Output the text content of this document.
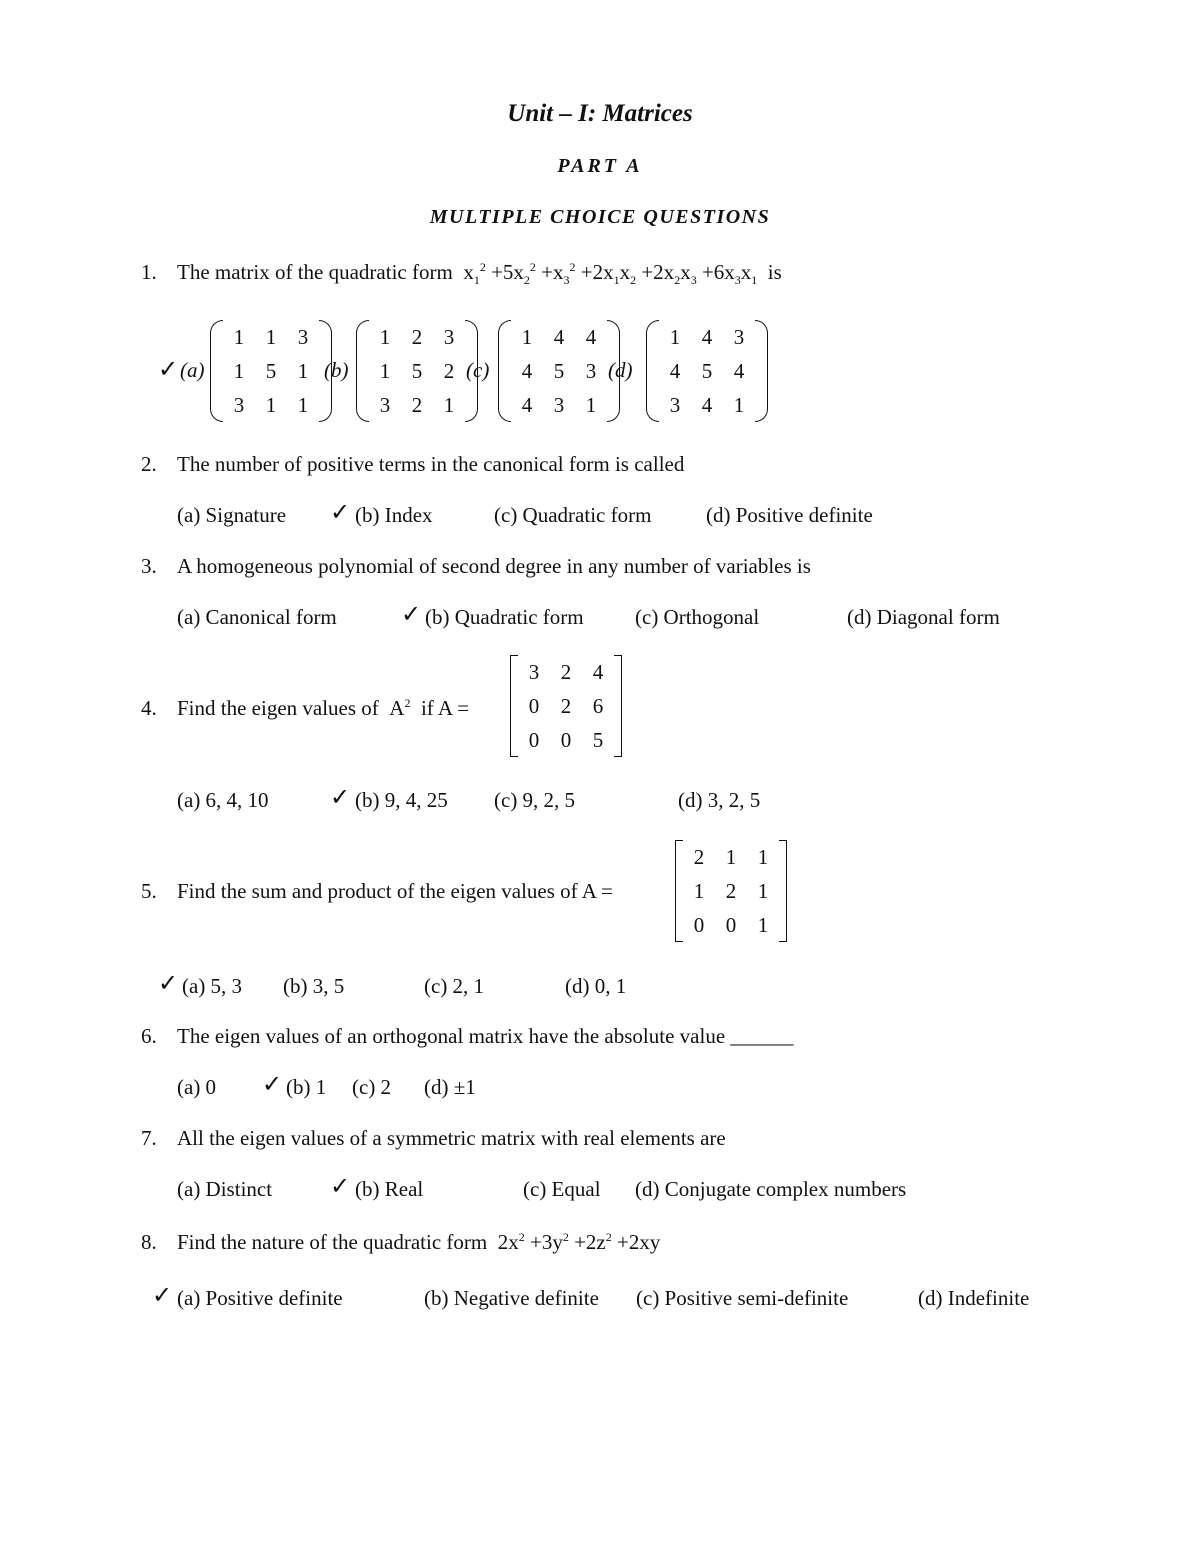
Unit – I: Matrices
PART A
MULTIPLE CHOICE QUESTIONS
1. The matrix of the quadratic form  $x_1^2 +5x_2^2 +x_3^2 +2x_1x_2 +2x_2x_3 +6x_3x_1$ is
✓ (a)
1 1 3
1 5 1
3 1 1
(b)
1 2 3
1 5 2
3 2 1
(c)
1 4 4
4 5 3
4 3 1
(d)
1 4 3
4 5 4
3 4 1
2. The number of positive terms in the canonical form is called
(a) Signature ✓ (b) Index	(c) Quadratic form	(d) Positive definite
3. A homogeneous polynomial of second degree in any number of variables is
(a) Canonical form	✓ (b) Quadratic form (c) Orthogonal	(d) Diagonal form
4. Find the eigen values of  $A^2$ if A =
3 2 4
0 2 6
0 0 5
(a) 6, 4, 10	✓ (b) 9, 4, 25 (c) 9, 2, 5	(d) 3, 2, 5
5. Find the sum and product of the eigen values of A =
2 1 1
1 2 1
0 0 1
✓ (a) 5, 3 (b) 3, 5	(c) 2, 1	(d) 0, 1
6. The eigen values of an orthogonal matrix have the absolute value ______
(a) 0 ✓ (b) 1 (c) 2 (d) ±1
7. All the eigen values of a symmetric matrix with real elements are
(a) Distinct ✓ (b) Real	(c) Equal (d) Conjugate complex numbers
8. Find the nature of the quadratic form  $2x^2 +3y^2 +2z^2 +2xy$
✓ (a) Positive definite	(b) Negative definite (c) Positive semi-definite	(d) Indefinite
